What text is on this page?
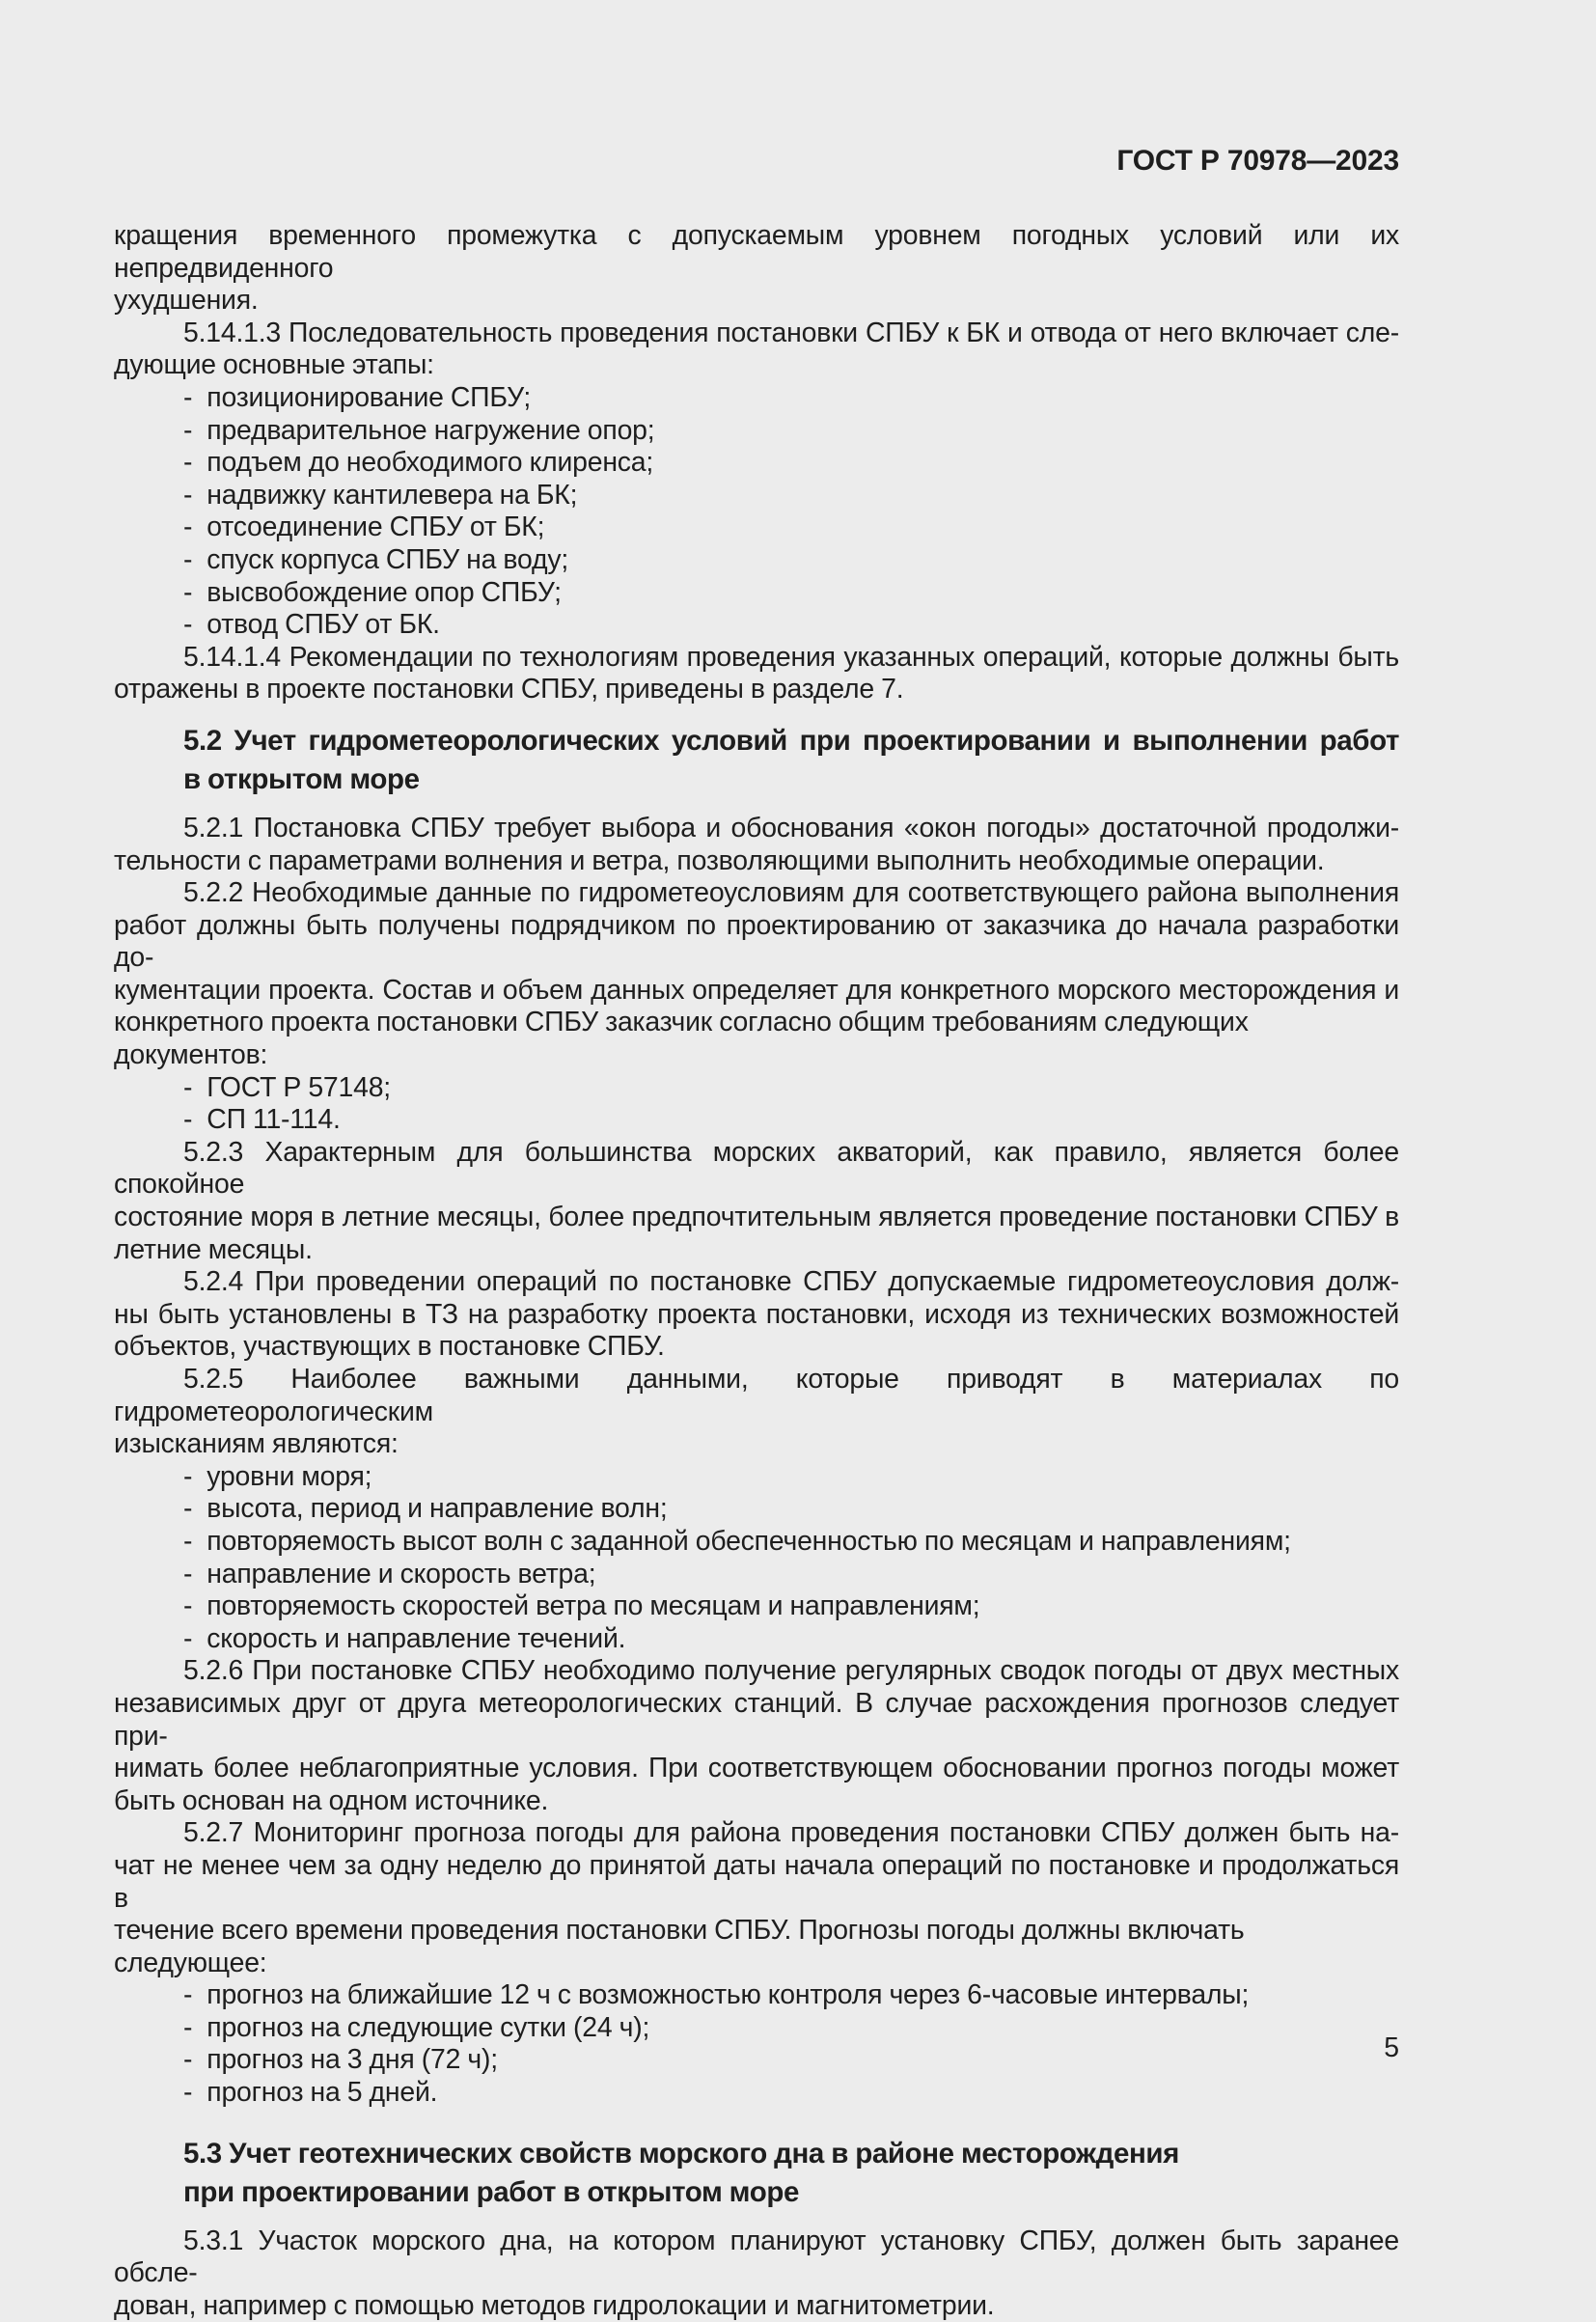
ГОСТ Р 70978—2023
кращения временного промежутка с допускаемым уровнем погодных условий или их непредвиденного
ухудшения.
5.14.1.3 Последовательность проведения постановки СПБУ к БК и отвода от него включает сле-
дующие основные этапы:
- позиционирование СПБУ;
- предварительное нагружение опор;
- подъем до необходимого клиренса;
- надвижку кантилевера на БК;
- отсоединение СПБУ от БК;
- спуск корпуса СПБУ на воду;
- высвобождение опор СПБУ;
- отвод СПБУ от БК.
5.14.1.4 Рекомендации по технологиям проведения указанных операций, которые должны быть
отражены в проекте постановки СПБУ, приведены в разделе 7.
5.2 Учет гидрометеорологических условий при проектировании и выполнении работ
в открытом море
5.2.1 Постановка СПБУ требует выбора и обоснования «окон погоды» достаточной продолжи-
тельности с параметрами волнения и ветра, позволяющими выполнить необходимые операции.
5.2.2 Необходимые данные по гидрометеоусловиям для соответствующего района выполнения
работ должны быть получены подрядчиком по проектированию от заказчика до начала разработки до-
кументации проекта. Состав и объем данных определяет для конкретного морского месторождения и
конкретного проекта постановки СПБУ заказчик согласно общим требованиям следующих документов:
- ГОСТ Р 57148;
- СП 11-114.
5.2.3 Характерным для большинства морских акваторий, как правило, является более спокойное
состояние моря в летние месяцы, более предпочтительным является проведение постановки СПБУ в
летние месяцы.
5.2.4 При проведении операций по постановке СПБУ допускаемые гидрометеоусловия долж-
ны быть установлены в ТЗ на разработку проекта постановки, исходя из технических возможностей
объектов, участвующих в постановке СПБУ.
5.2.5 Наиболее важными данными, которые приводят в материалах по гидрометеорологическим
изысканиям являются:
- уровни моря;
- высота, период и направление волн;
- повторяемость высот волн с заданной обеспеченностью по месяцам и направлениям;
- направление и скорость ветра;
- повторяемость скоростей ветра по месяцам и направлениям;
- скорость и направление течений.
5.2.6 При постановке СПБУ необходимо получение регулярных сводок погоды от двух местных
независимых друг от друга метеорологических станций. В случае расхождения прогнозов следует при-
нимать более неблагоприятные условия. При соответствующем обосновании прогноз погоды может
быть основан на одном источнике.
5.2.7 Мониторинг прогноза погоды для района проведения постановки СПБУ должен быть на-
чат не менее чем за одну неделю до принятой даты начала операций по постановке и продолжаться в
течение всего времени проведения постановки СПБУ. Прогнозы погоды должны включать следующее:
- прогноз на ближайшие 12 ч с возможностью контроля через 6-часовые интервалы;
- прогноз на следующие сутки (24 ч);
- прогноз на 3 дня (72 ч);
- прогноз на 5 дней.
5.3 Учет геотехнических свойств морского дна в районе месторождения
при проектировании работ в открытом море
5.3.1 Участок морского дна, на котором планируют установку СПБУ, должен быть заранее обсле-
дован, например с помощью методов гидролокации и магнитометрии.
5
